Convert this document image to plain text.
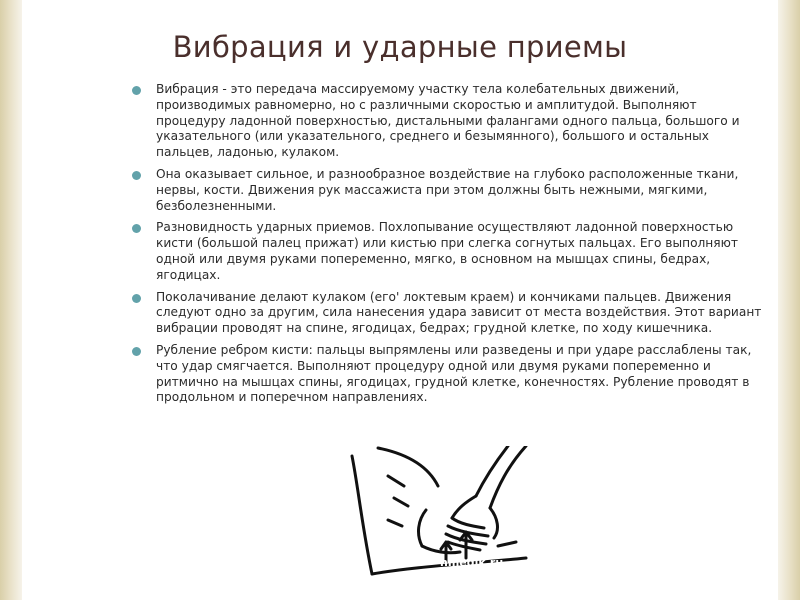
Вибрация и ударные приемы
Вибрация - это передача массируемому участку тела колебательных движений, производимых равномерно, но с различными скоростью и амплитудой. Выполняют процедуру ладонной поверхностью, дистальными фалангами одного пальца, большого и указательного (или указательного, среднего и безымянного), большого и остальных пальцев, ладонью, кулаком.
Она оказывает сильное, и разнообразное воздействие на глубоко расположенные ткани, нервы, кости. Движения рук массажиста при этом должны быть нежными, мягкими, безболезненными.
Разновидность ударных приемов. Похлопывание осуществляют ладонной поверхностью кисти (большой палец прижат) или кистью при слегка согнутых пальцах. Его выполняют одной или двумя руками попеременно, мягко, в основном на мышцах спины, бедрах, ягодицах.
Поколачивание делают кулаком (его' локтевым краем) и кончиками пальцев. Движения следуют одно за другим, сила нанесения удара зависит от места воздействия. Этот вариант вибрации проводят на спине, ягодицах, бедрах; грудной клетке, по ходу кишечника.
Рубление ребром кисти: пальцы выпрямлены или разведены и при ударе расслаблены так, что удар смягчается. Выполняют процедуру одной или двумя руками попеременно и ритмично на мышцах спины, ягодицах, грудной клетке, конечностях. Рубление проводят в продольном и поперечном направлениях.
nmedik.ru
